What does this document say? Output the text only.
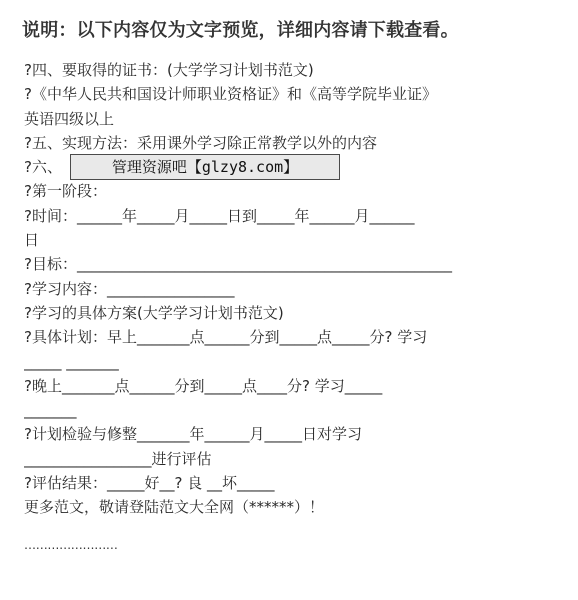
说明：以下内容仅为文字预览，详细内容请下载查看。
?四、要取得的证书：(大学学习计划书范文)
?《中华人民共和国设计师职业资格证》和《高等学院毕业证》
英语四级以上
?五、实现方法：采用课外学习除正常教学以外的内容
?六、
?第一阶段：
?时间：______年_____月_____日到_____年______月______
日
?目标：__________________________________________________
?学习内容：_________________
?学习的具体方案(大学学习计划书范文)
?具体计划：早上_______点______分到_____点_____分? 学习
_____ _______
?晚上_______点______分到_____点____分? 学习_____
_______
?计划检验与修整_______年______月_____日对学习
_________________进行评估
?评估结果：_____好__? 良 __坏_____
更多范文，敬请登陆范文大全网（******）！
管理资源吧【glzy8.com】
……………………
